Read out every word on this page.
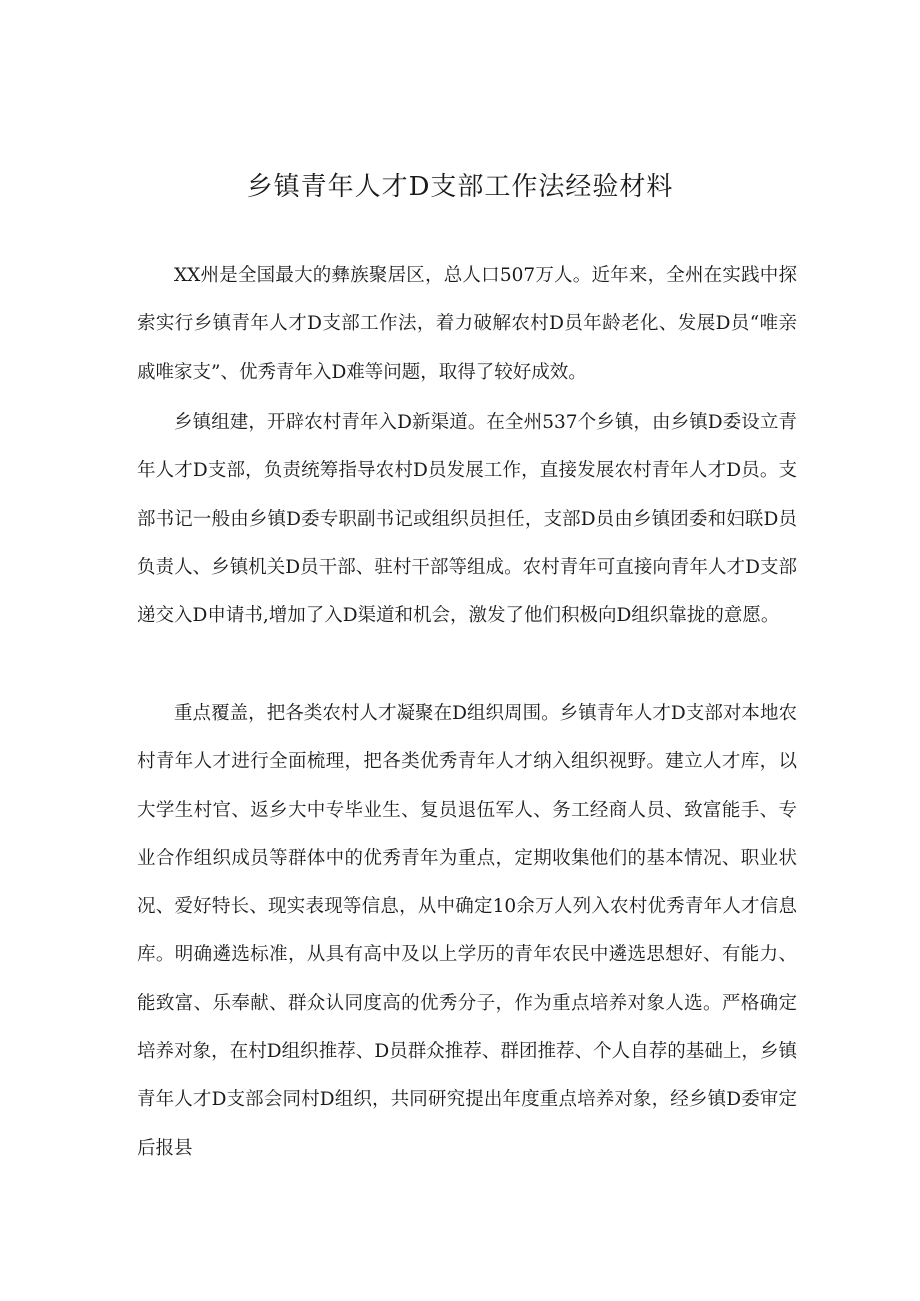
乡镇青年人才D支部工作法经验材料

XX州是全国最大的彝族聚居区，总人口507万人。近年来，全州在实践中探索实行乡镇青年人才D支部工作法，着力破解农村D员年龄老化、发展D员“唯亲戚唯家支”、优秀青年入D难等问题，取得了较好成效。

乡镇组建，开辟农村青年入D新渠道。在全州537个乡镇，由乡镇D委设立青年人才D支部，负责统筹指导农村D员发展工作，直接发展农村青年人才D员。支部书记一般由乡镇D委专职副书记或组织员担任，支部D员由乡镇团委和妇联D员负责人、乡镇机关D员干部、驻村干部等组成。农村青年可直接向青年人才D支部递交入D申请书,增加了入D渠道和机会，激发了他们积极向D组织靠拢的意愿。

重点覆盖，把各类农村人才凝聚在D组织周围。乡镇青年人才D支部对本地农村青年人才进行全面梳理，把各类优秀青年人才纳入组织视野。建立人才库，以大学生村官、返乡大中专毕业生、复员退伍军人、务工经商人员、致富能手、专业合作组织成员等群体中的优秀青年为重点，定期收集他们的基本情况、职业状况、爱好特长、现实表现等信息，从中确定10余万人列入农村优秀青年人才信息库。明确遴选标准，从具有高中及以上学历的青年农民中遴选思想好、有能力、能致富、乐奉献、群众认同度高的优秀分子，作为重点培养对象人选。严格确定培养对象，在村D组织推荐、D员群众推荐、群团推荐、个人自荐的基础上，乡镇青年人才D支部会同村D组织，共同研究提出年度重点培养对象，经乡镇D委审定后报县
